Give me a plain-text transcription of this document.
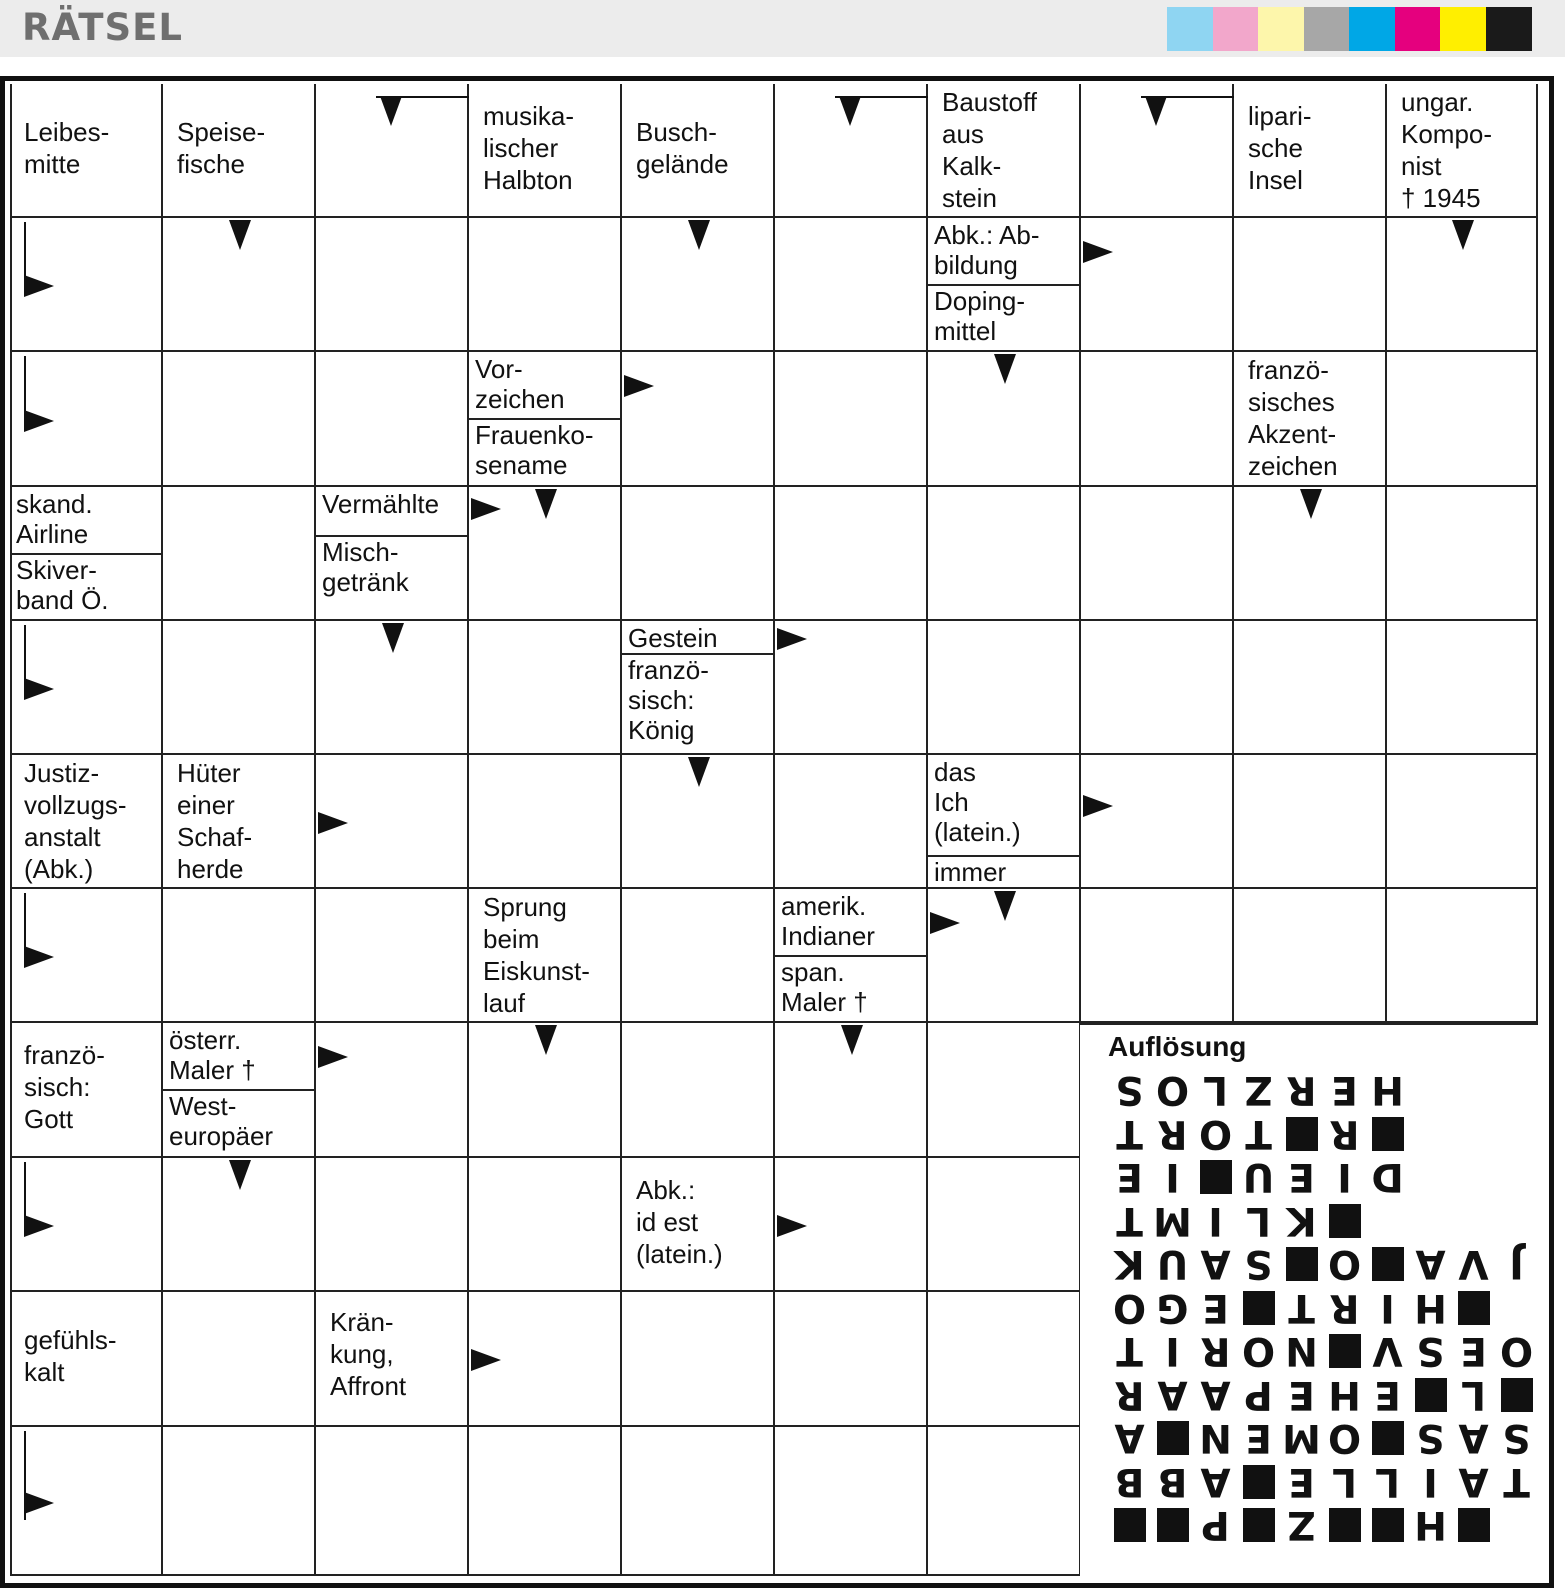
RÄTSEL
Leibes-
mitte
Speise-
fische
musika-
lischer
Halbton
Busch-
gelände
Baustoff
aus
Kalk-
stein
lipari-
sche
Insel
ungar.
Kompo-
nist
† 1945
franzö-
sisches
Akzent-
zeichen
Justiz-
vollzugs-
anstalt
(Abk.)
Hüter
einer
Schaf-
herde
Sprung
beim
Eiskunst-
lauf
franzö-
sisch:
Gott
Abk.:
id est
(latein.)
gefühls-
kalt
Krän-
kung,
Affront
Abk.: Ab-
bildung
Doping-
mittel
Vor-
zeichen
Frauenko-
sename
skand.
Airline
Skiver-
band Ö.
Vermählte
Misch-
getränk
Gestein
franzö-
sisch:
König
das
Ich
(latein.)
immer
amerik.
Indianer
span.
Maler †
österr.
Maler †
West-
europäer
Auflösung
H
E
R
Z
L
O
S
R
T
O
R
T
D
I
E
U
I
E
K
L
I
M
T
J
V
A
O
S
A
U
K
H
I
R
T
E
G
O
O
E
S
V
N
O
R
I
T
L
E
H
E
P
A
A
R
S
A
S
O
M
E
N
A
T
A
I
L
L
E
A
B
B
H
Z
P
